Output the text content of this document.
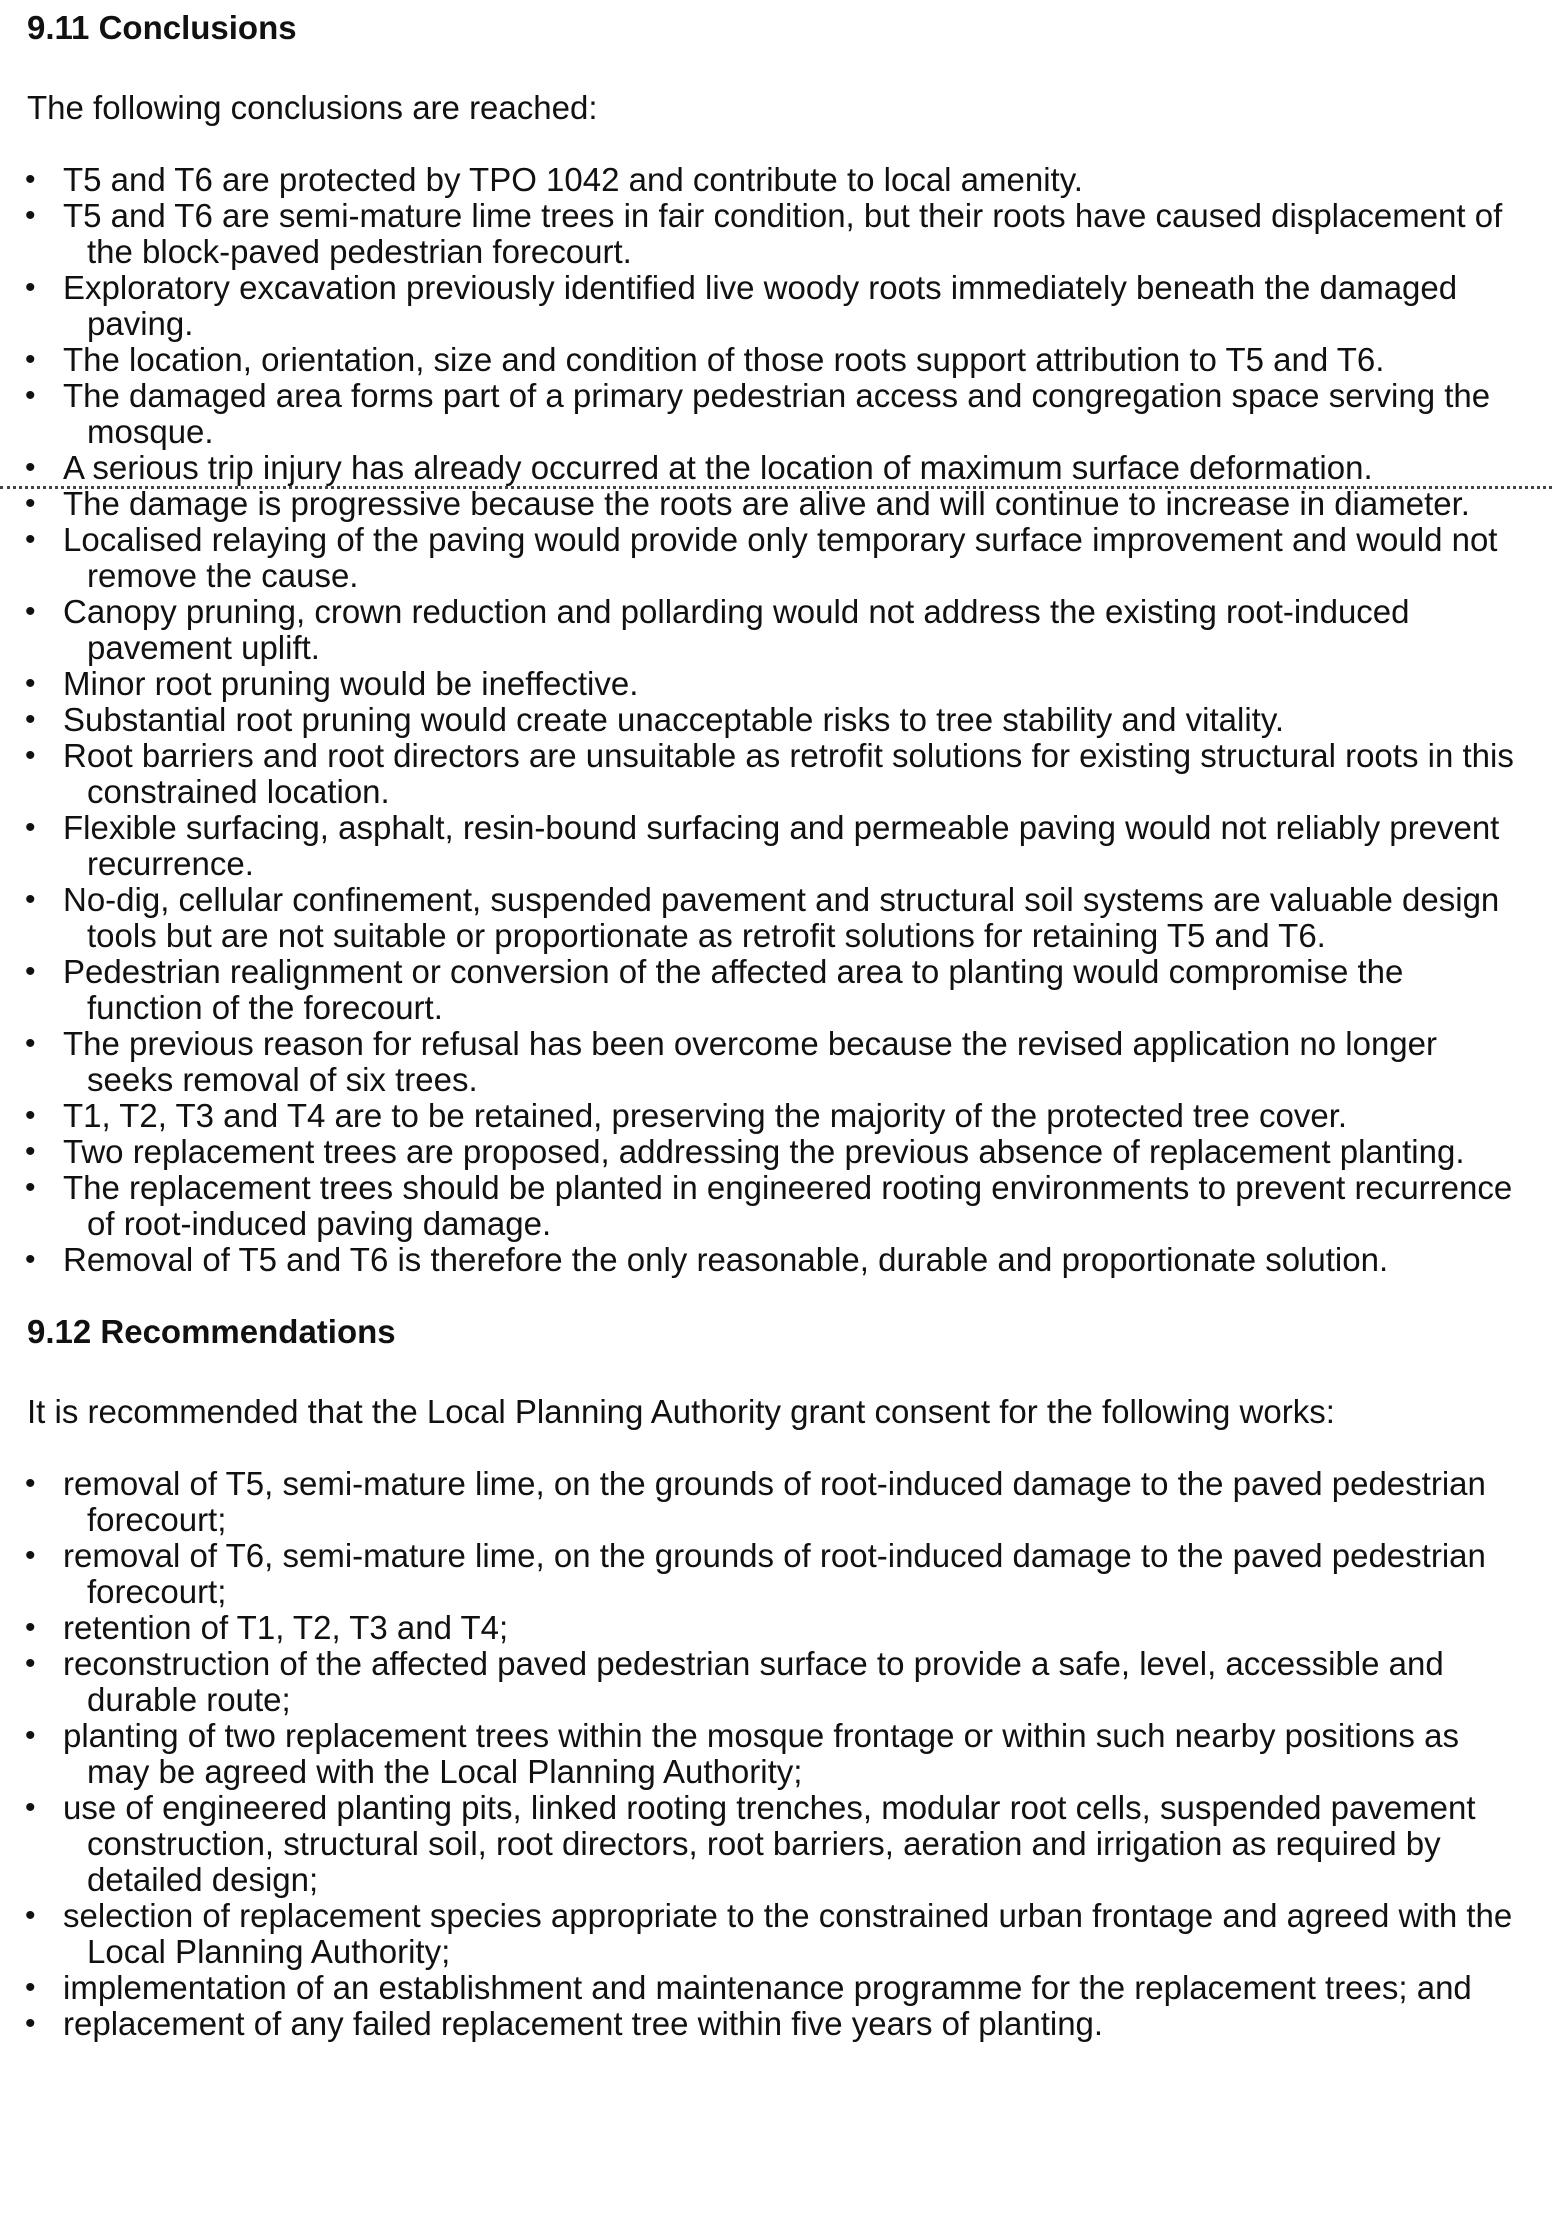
9.11 Conclusions
The following conclusions are reached:
• T5 and T6 are protected by TPO 1042 and contribute to local amenity.
• T5 and T6 are semi-mature lime trees in fair condition, but their roots have caused displacement of the block-paved pedestrian forecourt.
• Exploratory excavation previously identified live woody roots immediately beneath the damaged paving.
• The location, orientation, size and condition of those roots support attribution to T5 and T6.
• The damaged area forms part of a primary pedestrian access and congregation space serving the mosque.
• A serious trip injury has already occurred at the location of maximum surface deformation.
• The damage is progressive because the roots are alive and will continue to increase in diameter.
• Localised relaying of the paving would provide only temporary surface improvement and would not remove the cause.
• Canopy pruning, crown reduction and pollarding would not address the existing root-induced pavement uplift.
• Minor root pruning would be ineffective.
• Substantial root pruning would create unacceptable risks to tree stability and vitality.
• Root barriers and root directors are unsuitable as retrofit solutions for existing structural roots in this constrained location.
• Flexible surfacing, asphalt, resin-bound surfacing and permeable paving would not reliably prevent recurrence.
• No-dig, cellular confinement, suspended pavement and structural soil systems are valuable design tools but are not suitable or proportionate as retrofit solutions for retaining T5 and T6.
• Pedestrian realignment or conversion of the affected area to planting would compromise the function of the forecourt.
• The previous reason for refusal has been overcome because the revised application no longer seeks removal of six trees.
• T1, T2, T3 and T4 are to be retained, preserving the majority of the protected tree cover.
• Two replacement trees are proposed, addressing the previous absence of replacement planting.
• The replacement trees should be planted in engineered rooting environments to prevent recurrence of root-induced paving damage.
• Removal of T5 and T6 is therefore the only reasonable, durable and proportionate solution.
9.12 Recommendations
It is recommended that the Local Planning Authority grant consent for the following works:
• removal of T5, semi-mature lime, on the grounds of root-induced damage to the paved pedestrian forecourt;
• removal of T6, semi-mature lime, on the grounds of root-induced damage to the paved pedestrian forecourt;
• retention of T1, T2, T3 and T4;
• reconstruction of the affected paved pedestrian surface to provide a safe, level, accessible and durable route;
• planting of two replacement trees within the mosque frontage or within such nearby positions as may be agreed with the Local Planning Authority;
• use of engineered planting pits, linked rooting trenches, modular root cells, suspended pavement construction, structural soil, root directors, root barriers, aeration and irrigation as required by detailed design;
• selection of replacement species appropriate to the constrained urban frontage and agreed with the Local Planning Authority;
• implementation of an establishment and maintenance programme for the replacement trees; and
• replacement of any failed replacement tree within five years of planting.
